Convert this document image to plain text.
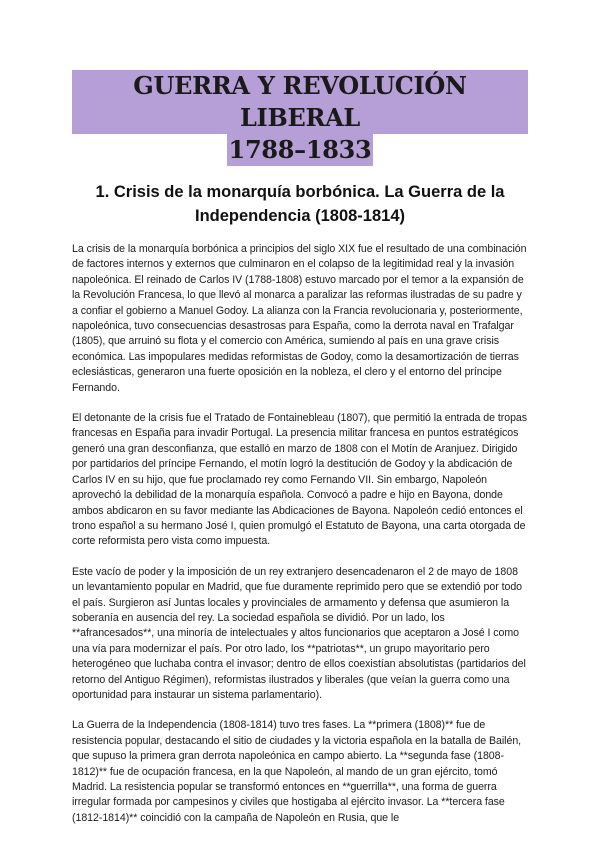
GUERRA Y REVOLUCIÓN LIBERAL
1788–1833
1. Crisis de la monarquía borbónica. La Guerra de la Independencia (1808-1814)

La crisis de la monarquía borbónica a principios del siglo XIX fue el resultado de una combinación de factores internos y externos que culminaron en el colapso de la legitimidad real y la invasión napoleónica. El reinado de Carlos IV (1788-1808) estuvo marcado por el temor a la expansión de la Revolución Francesa, lo que llevó al monarca a paralizar las reformas ilustradas de su padre y a confiar el gobierno a Manuel Godoy. La alianza con la Francia revolucionaria y, posteriormente, napoleónica, tuvo consecuencias desastrosas para España, como la derrota naval en Trafalgar (1805), que arruinó su flota y el comercio con América, sumiendo al país en una grave crisis económica. Las impopulares medidas reformistas de Godoy, como la desamortización de tierras eclesiásticas, generaron una fuerte oposición en la nobleza, el clero y el entorno del príncipe Fernando.

El detonante de la crisis fue el Tratado de Fontainebleau (1807), que permitió la entrada de tropas francesas en España para invadir Portugal. La presencia militar francesa en puntos estratégicos generó una gran desconfianza, que estalló en marzo de 1808 con el Motín de Aranjuez. Dirigido por partidarios del príncipe Fernando, el motín logró la destitución de Godoy y la abdicación de Carlos IV en su hijo, que fue proclamado rey como Fernando VII. Sin embargo, Napoleón aprovechó la debilidad de la monarquía española. Convocó a padre e hijo en Bayona, donde ambos abdicaron en su favor mediante las Abdicaciones de Bayona. Napoleón cedió entonces el trono español a su hermano José I, quien promulgó el Estatuto de Bayona, una carta otorgada de corte reformista pero vista como impuesta.

Este vacío de poder y la imposición de un rey extranjero desencadenaron el 2 de mayo de 1808 un levantamiento popular en Madrid, que fue duramente reprimido pero que se extendió por todo el país. Surgieron así Juntas locales y provinciales de armamento y defensa que asumieron la soberanía en ausencia del rey. La sociedad española se dividió. Por un lado, los **afrancesados**, una minoría de intelectuales y altos funcionarios que aceptaron a José I como una vía para modernizar el país. Por otro lado, los **patriotas**, un grupo mayoritario pero heterogéneo que luchaba contra el invasor; dentro de ellos coexistían absolutistas (partidarios del retorno del Antiguo Régimen), reformistas ilustrados y liberales (que veían la guerra como una oportunidad para instaurar un sistema parlamentario).

La Guerra de la Independencia (1808-1814) tuvo tres fases. La **primera (1808)** fue de resistencia popular, destacando el sitio de ciudades y la victoria española en la batalla de Bailén, que supuso la primera gran derrota napoleónica en campo abierto. La **segunda fase (1808-1812)** fue de ocupación francesa, en la que Napoleón, al mando de un gran ejército, tomó Madrid. La resistencia popular se transformó entonces en **guerrilla**, una forma de guerra irregular formada por campesinos y civiles que hostigaba al ejército invasor. La **tercera fase (1812-1814)** coincidió con la campaña de Napoleón en Rusia, que le
